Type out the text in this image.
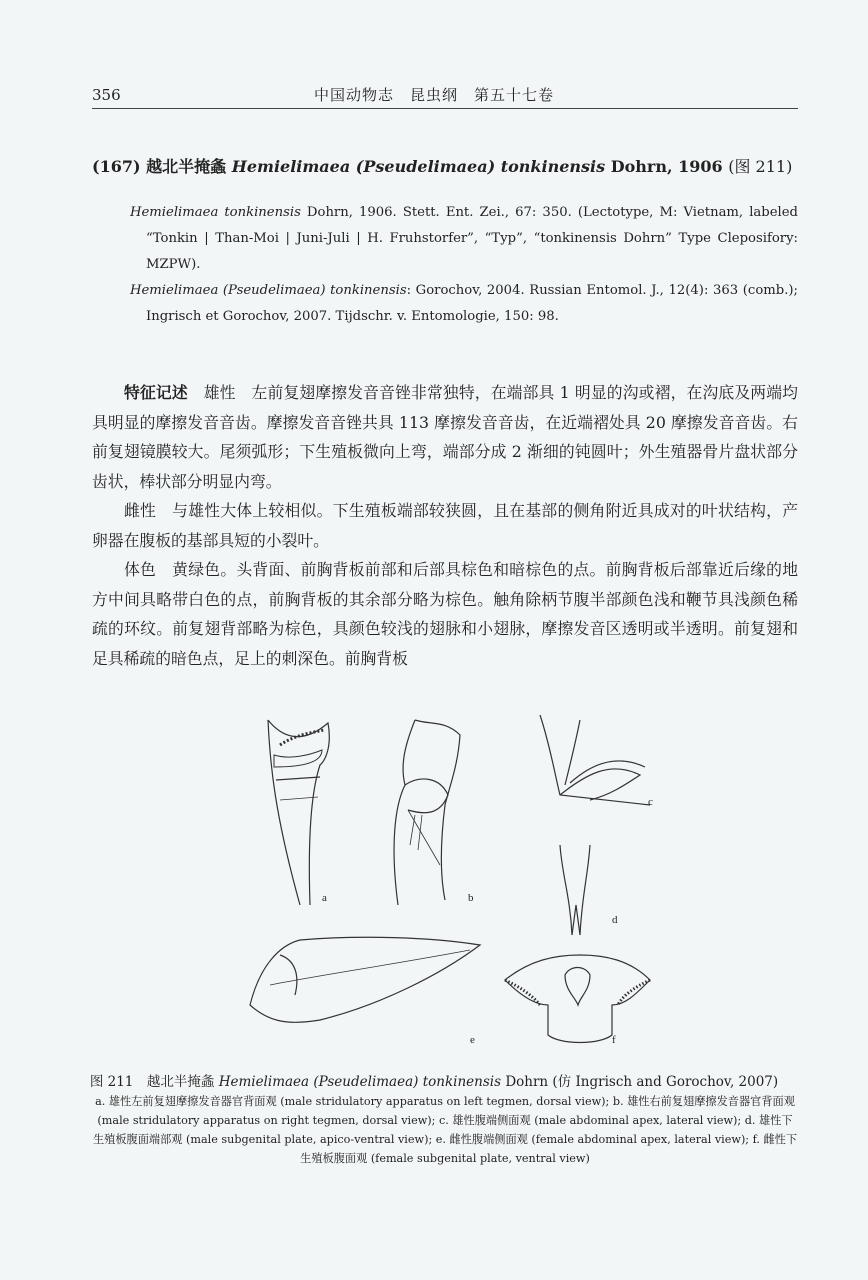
356	中国动物志　昆虫纲　第五十七卷
(167) 越北半掩螽 Hemielimaea (Pseudelimaea) tonkinensis Dohrn, 1906 (图 211)

Hemielimaea tonkinensis Dohrn, 1906. Stett. Ent. Zei., 67: 350. (Lectotype, M: Vietnam, labeled “Tonkin | Than-Moi | Juni-Juli | H. Fruhstorfer”, “Typ”, “tonkinensis Dohrn” Type Cleposifory: MZPW).

Hemielimaea (Pseudelimaea) tonkinensis: Gorochov, 2004. Russian Entomol. J., 12(4): 363 (comb.); Ingrisch et Gorochov, 2007. Tijdschr. v. Entomologie, 150: 98.

特征记述　雄性　左前复翅摩擦发音音锉非常独特，在端部具 1 明显的沟或褶，在沟底及两端均具明显的摩擦发音音齿。摩擦发音音锉共具 113 摩擦发音音齿，在近端褶处具 20 摩擦发音音齿。右前复翅镜膜较大。尾须弧形；下生殖板微向上弯，端部分成 2 渐细的钝圆叶；外生殖器骨片盘状部分齿状，棒状部分明显内弯。

雌性　与雄性大体上较相似。下生殖板端部较狭圆，且在基部的侧角附近具成对的叶状结构，产卵器在腹板的基部具短的小裂叶。

体色　黄绿色。头背面、前胸背板前部和后部具棕色和暗棕色的点。前胸背板后部靠近后缘的地方中间具略带白色的点，前胸背板的其余部分略为棕色。触角除柄节腹半部颜色浅和鞭节具浅颜色稀疏的环纹。前复翅背部略为棕色，具颜色较浅的翅脉和小翅脉，摩擦发音区透明或半透明。前复翅和足具稀疏的暗色点，足上的刺深色。前胸背板

a	b
c
d
e	f
图 211　越北半掩螽 Hemielimaea (Pseudelimaea) tonkinensis Dohrn (仿 Ingrisch and Gorochov, 2007)
a. 雄性左前复翅摩擦发音器官背面观 (male stridulatory apparatus on left tegmen, dorsal view); b. 雄性右前复翅摩擦发音器官背面观 (male stridulatory apparatus on right tegmen, dorsal view); c. 雄性腹端侧面观 (male abdominal apex, lateral view); d. 雄性下生殖板腹面端部观 (male subgenital plate, apico-ventral view); e. 雌性腹端侧面观 (female abdominal apex, lateral view); f. 雌性下生殖板腹面观 (female subgenital plate, ventral view)
